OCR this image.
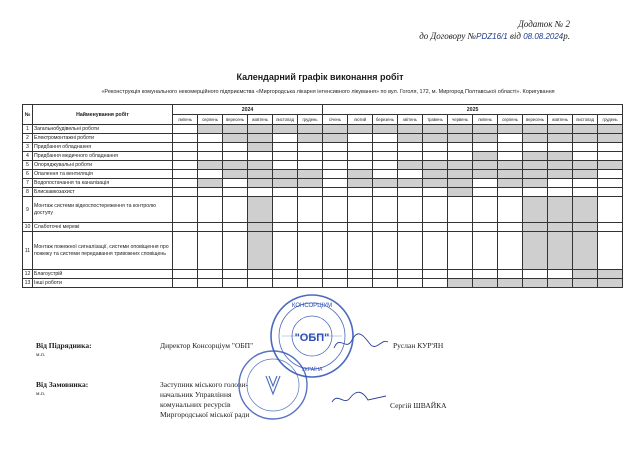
Додаток № 2
до Договору №PDZ16/1 від 08.08.2024р.
Календарний графік виконання робіт
«Реконструкція комунального некомерційного підприємства «Миргородська лікарня інтенсивного лікування» по вул. Гоголя, 172, м. Миргород Полтавської області». Коригування
№	Найменування робіт	2024						2025											
		липень	серпень	вересень	жовтень	листопад	грудень	січень	лютий	березень	квітень	травень	червень	липень	серпень	вересень	жовтень	листопад	грудень
1	Загальнобудівельні роботи																		
2	Електромонтажні роботи																		
3	Придбання обладнання																		
4	Придбання медичного обладнання																		
5	Опоряджувальні роботи																		
6	Опалення та вентиляція																		
7	Водопостачання та каналізація																		
8	Блискавкозахист																		
9	Монтаж системи відеоспостереження та контролю доступу																		
10	Слаботочні мережі																		
11	Монтаж пожежної сигналізації, системи оповіщення про пожежу та системи передавання тривожних сповіщень																		
12	Благоустрій																		
13	Інші роботи																		
Від Підрядника:
м.п.
Директор Консорціум "ОБП"	Руслан КУР'ЯН
Від Замовника:
м.п.
Заступник міського голови-
начальник Управління
комунальних ресурсів
Миргородської міської ради
Сергій ШВАЙКА
КОНСОРЦІУМ
"ОБП"
УКРАЇНА
